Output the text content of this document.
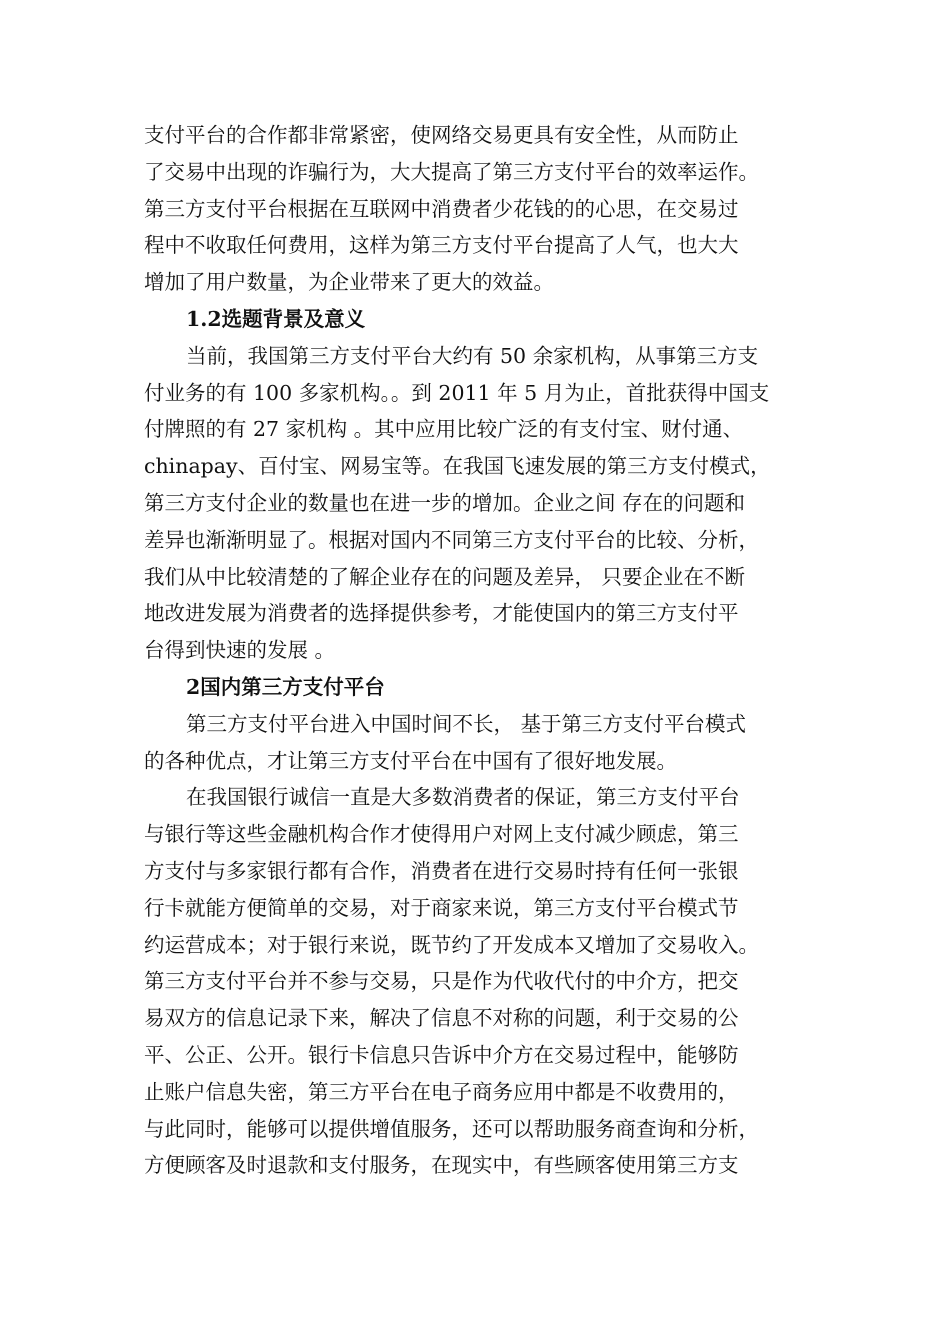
支付平台的合作都非常紧密，使网络交易更具有安全性，从而防止
了交易中出现的诈骗行为，大大提高了第三方支付平台的效率运作。
第三方支付平台根据在互联网中消费者少花钱的的心思，在交易过
程中不收取任何费用，这样为第三方支付平台提高了人气，也大大
增加了用户数量，为企业带来了更大的效益。
1.2选题背景及意义
当前，我国第三方支付平台大约有 50 余家机构，从事第三方支
付业务的有 100 多家机构。。到 2011 年 5 月为止，首批获得中国支
付牌照的有 27 家机构 。其中应用比较广泛的有支付宝、财付通、
chinapay、百付宝、网易宝等。在我国飞速发展的第三方支付模式，
第三方支付企业的数量也在进一步的增加。企业之间 存在的问题和
差异也渐渐明显了。根据对国内不同第三方支付平台的比较、分析，
我们从中比较清楚的了解企业存在的问题及差异， 只要企业在不断
地改进发展为消费者的选择提供参考，才能使国内的第三方支付平
台得到快速的发展 。
2国内第三方支付平台
第三方支付平台进入中国时间不长， 基于第三方支付平台模式
的各种优点，才让第三方支付平台在中国有了很好地发展。
在我国银行诚信一直是大多数消费者的保证，第三方支付平台
与银行等这些金融机构合作才使得用户对网上支付减少顾虑，第三
方支付与多家银行都有合作，消费者在进行交易时持有任何一张银
行卡就能方便简单的交易，对于商家来说，第三方支付平台模式节
约运营成本；对于银行来说，既节约了开发成本又增加了交易收入。
第三方支付平台并不参与交易，只是作为代收代付的中介方，把交
易双方的信息记录下来，解决了信息不对称的问题，利于交易的公
平、公正、公开。银行卡信息只告诉中介方在交易过程中，能够防
止账户信息失密，第三方平台在电子商务应用中都是不收费用的，
与此同时，能够可以提供增值服务，还可以帮助服务商查询和分析，
方便顾客及时退款和支付服务，在现实中，有些顾客使用第三方支
